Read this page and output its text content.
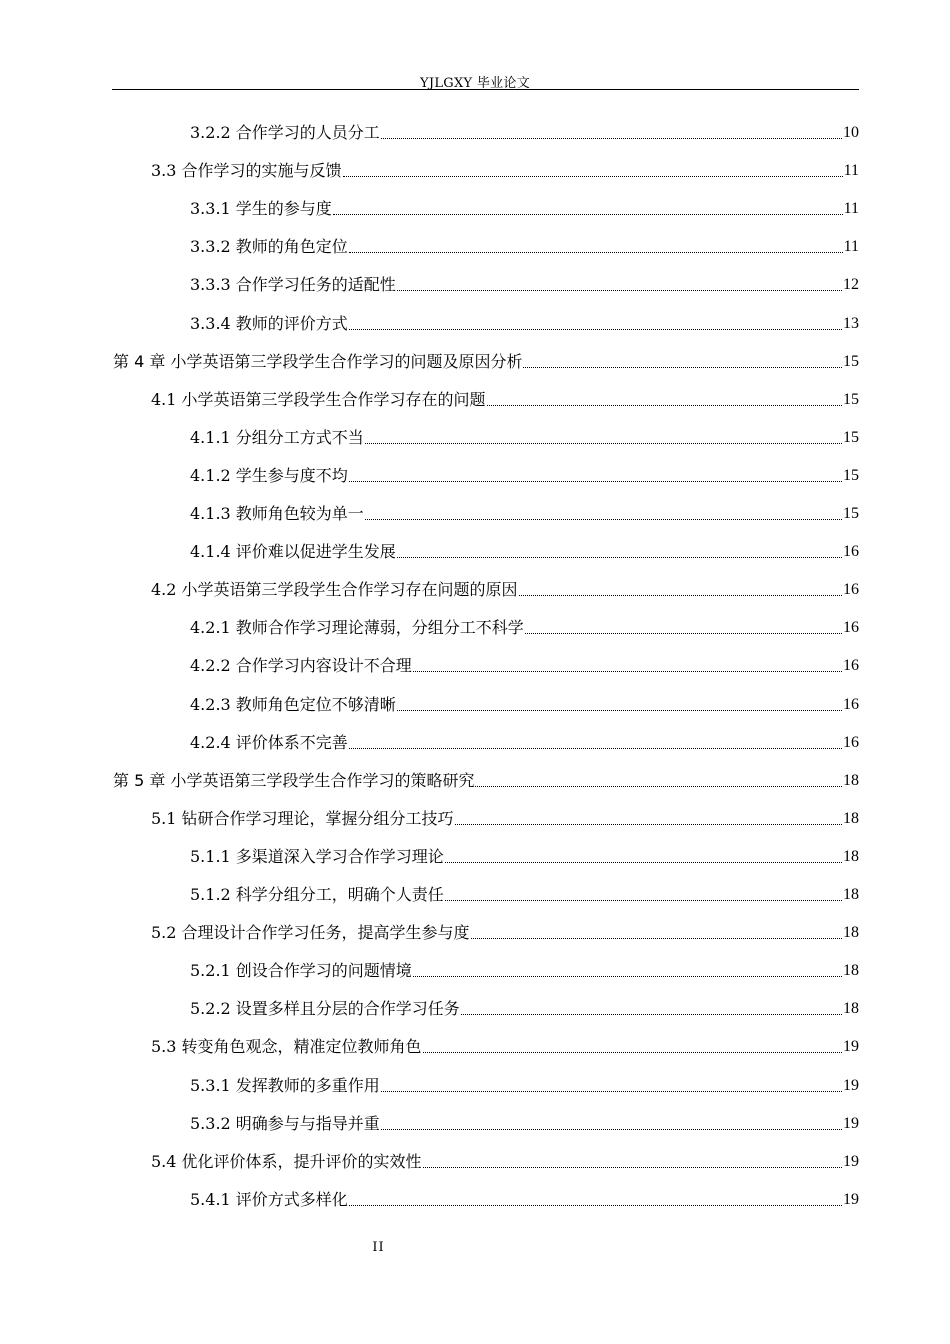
YJLGXY 毕业论文
3.2.2 合作学习的人员分工	10
3.3 合作学习的实施与反馈	11
3.3.1 学生的参与度	11
3.3.2 教师的角色定位	11
3.3.3 合作学习任务的适配性	12
3.3.4 教师的评价方式	13
第 4 章 小学英语第三学段学生合作学习的问题及原因分析	15
4.1 小学英语第三学段学生合作学习存在的问题	15
4.1.1 分组分工方式不当	15
4.1.2 学生参与度不均	15
4.1.3 教师角色较为单一	15
4.1.4 评价难以促进学生发展	16
4.2 小学英语第三学段学生合作学习存在问题的原因	16
4.2.1 教师合作学习理论薄弱，分组分工不科学	16
4.2.2 合作学习内容设计不合理	16
4.2.3 教师角色定位不够清晰	16
4.2.4 评价体系不完善	16
第 5 章 小学英语第三学段学生合作学习的策略研究	18
5.1 钻研合作学习理论，掌握分组分工技巧	18
5.1.1 多渠道深入学习合作学习理论	18
5.1.2 科学分组分工，明确个人责任	18
5.2 合理设计合作学习任务，提高学生参与度	18
5.2.1 创设合作学习的问题情境	18
5.2.2 设置多样且分层的合作学习任务	18
5.3 转变角色观念，精准定位教师角色	19
5.3.1 发挥教师的多重作用	19
5.3.2 明确参与与指导并重	19
5.4 优化评价体系，提升评价的实效性	19
5.4.1 评价方式多样化	19
II
